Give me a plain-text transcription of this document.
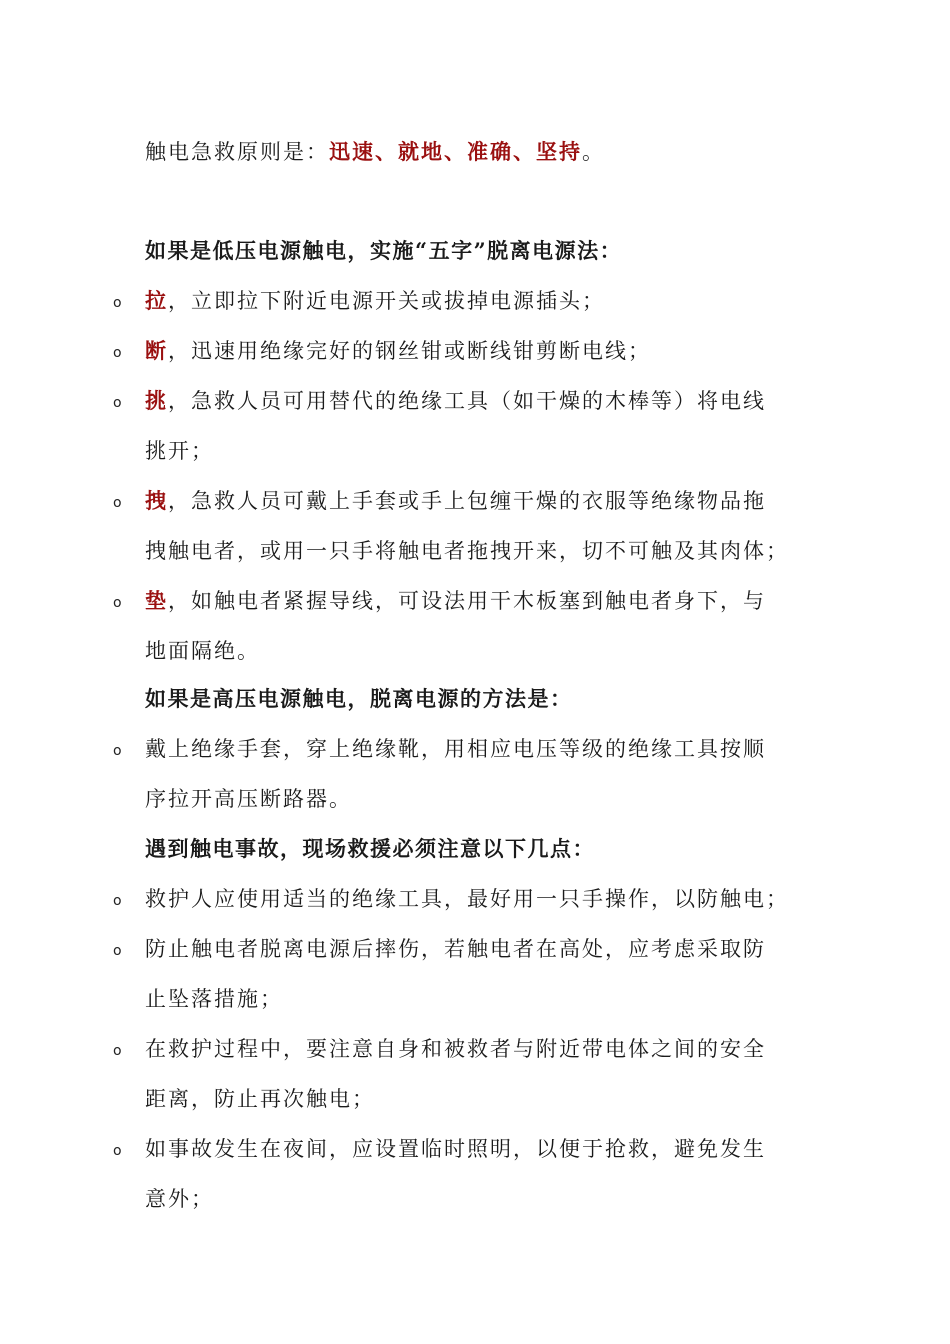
触电急救原则是：迅速、就地、准确、坚持。
如果是低压电源触电，实施“五字”脱离电源法：
o 拉，立即拉下附近电源开关或拔掉电源插头；
o 断，迅速用绝缘完好的钢丝钳或断线钳剪断电线；
o 挑，急救人员可用替代的绝缘工具（如干燥的木棒等）将电线
挑开；
o 拽，急救人员可戴上手套或手上包缠干燥的衣服等绝缘物品拖
拽触电者，或用一只手将触电者拖拽开来，切不可触及其肉体；
o 垫，如触电者紧握导线，可设法用干木板塞到触电者身下，与
地面隔绝。
如果是高压电源触电，脱离电源的方法是：
o 戴上绝缘手套，穿上绝缘靴，用相应电压等级的绝缘工具按顺
序拉开高压断路器。
遇到触电事故，现场救援必须注意以下几点：
o 救护人应使用适当的绝缘工具，最好用一只手操作，以防触电；
o 防止触电者脱离电源后摔伤，若触电者在高处，应考虑采取防
止坠落措施；
o 在救护过程中，要注意自身和被救者与附近带电体之间的安全
距离，防止再次触电；
o 如事故发生在夜间，应设置临时照明，以便于抢救，避免发生
意外；
